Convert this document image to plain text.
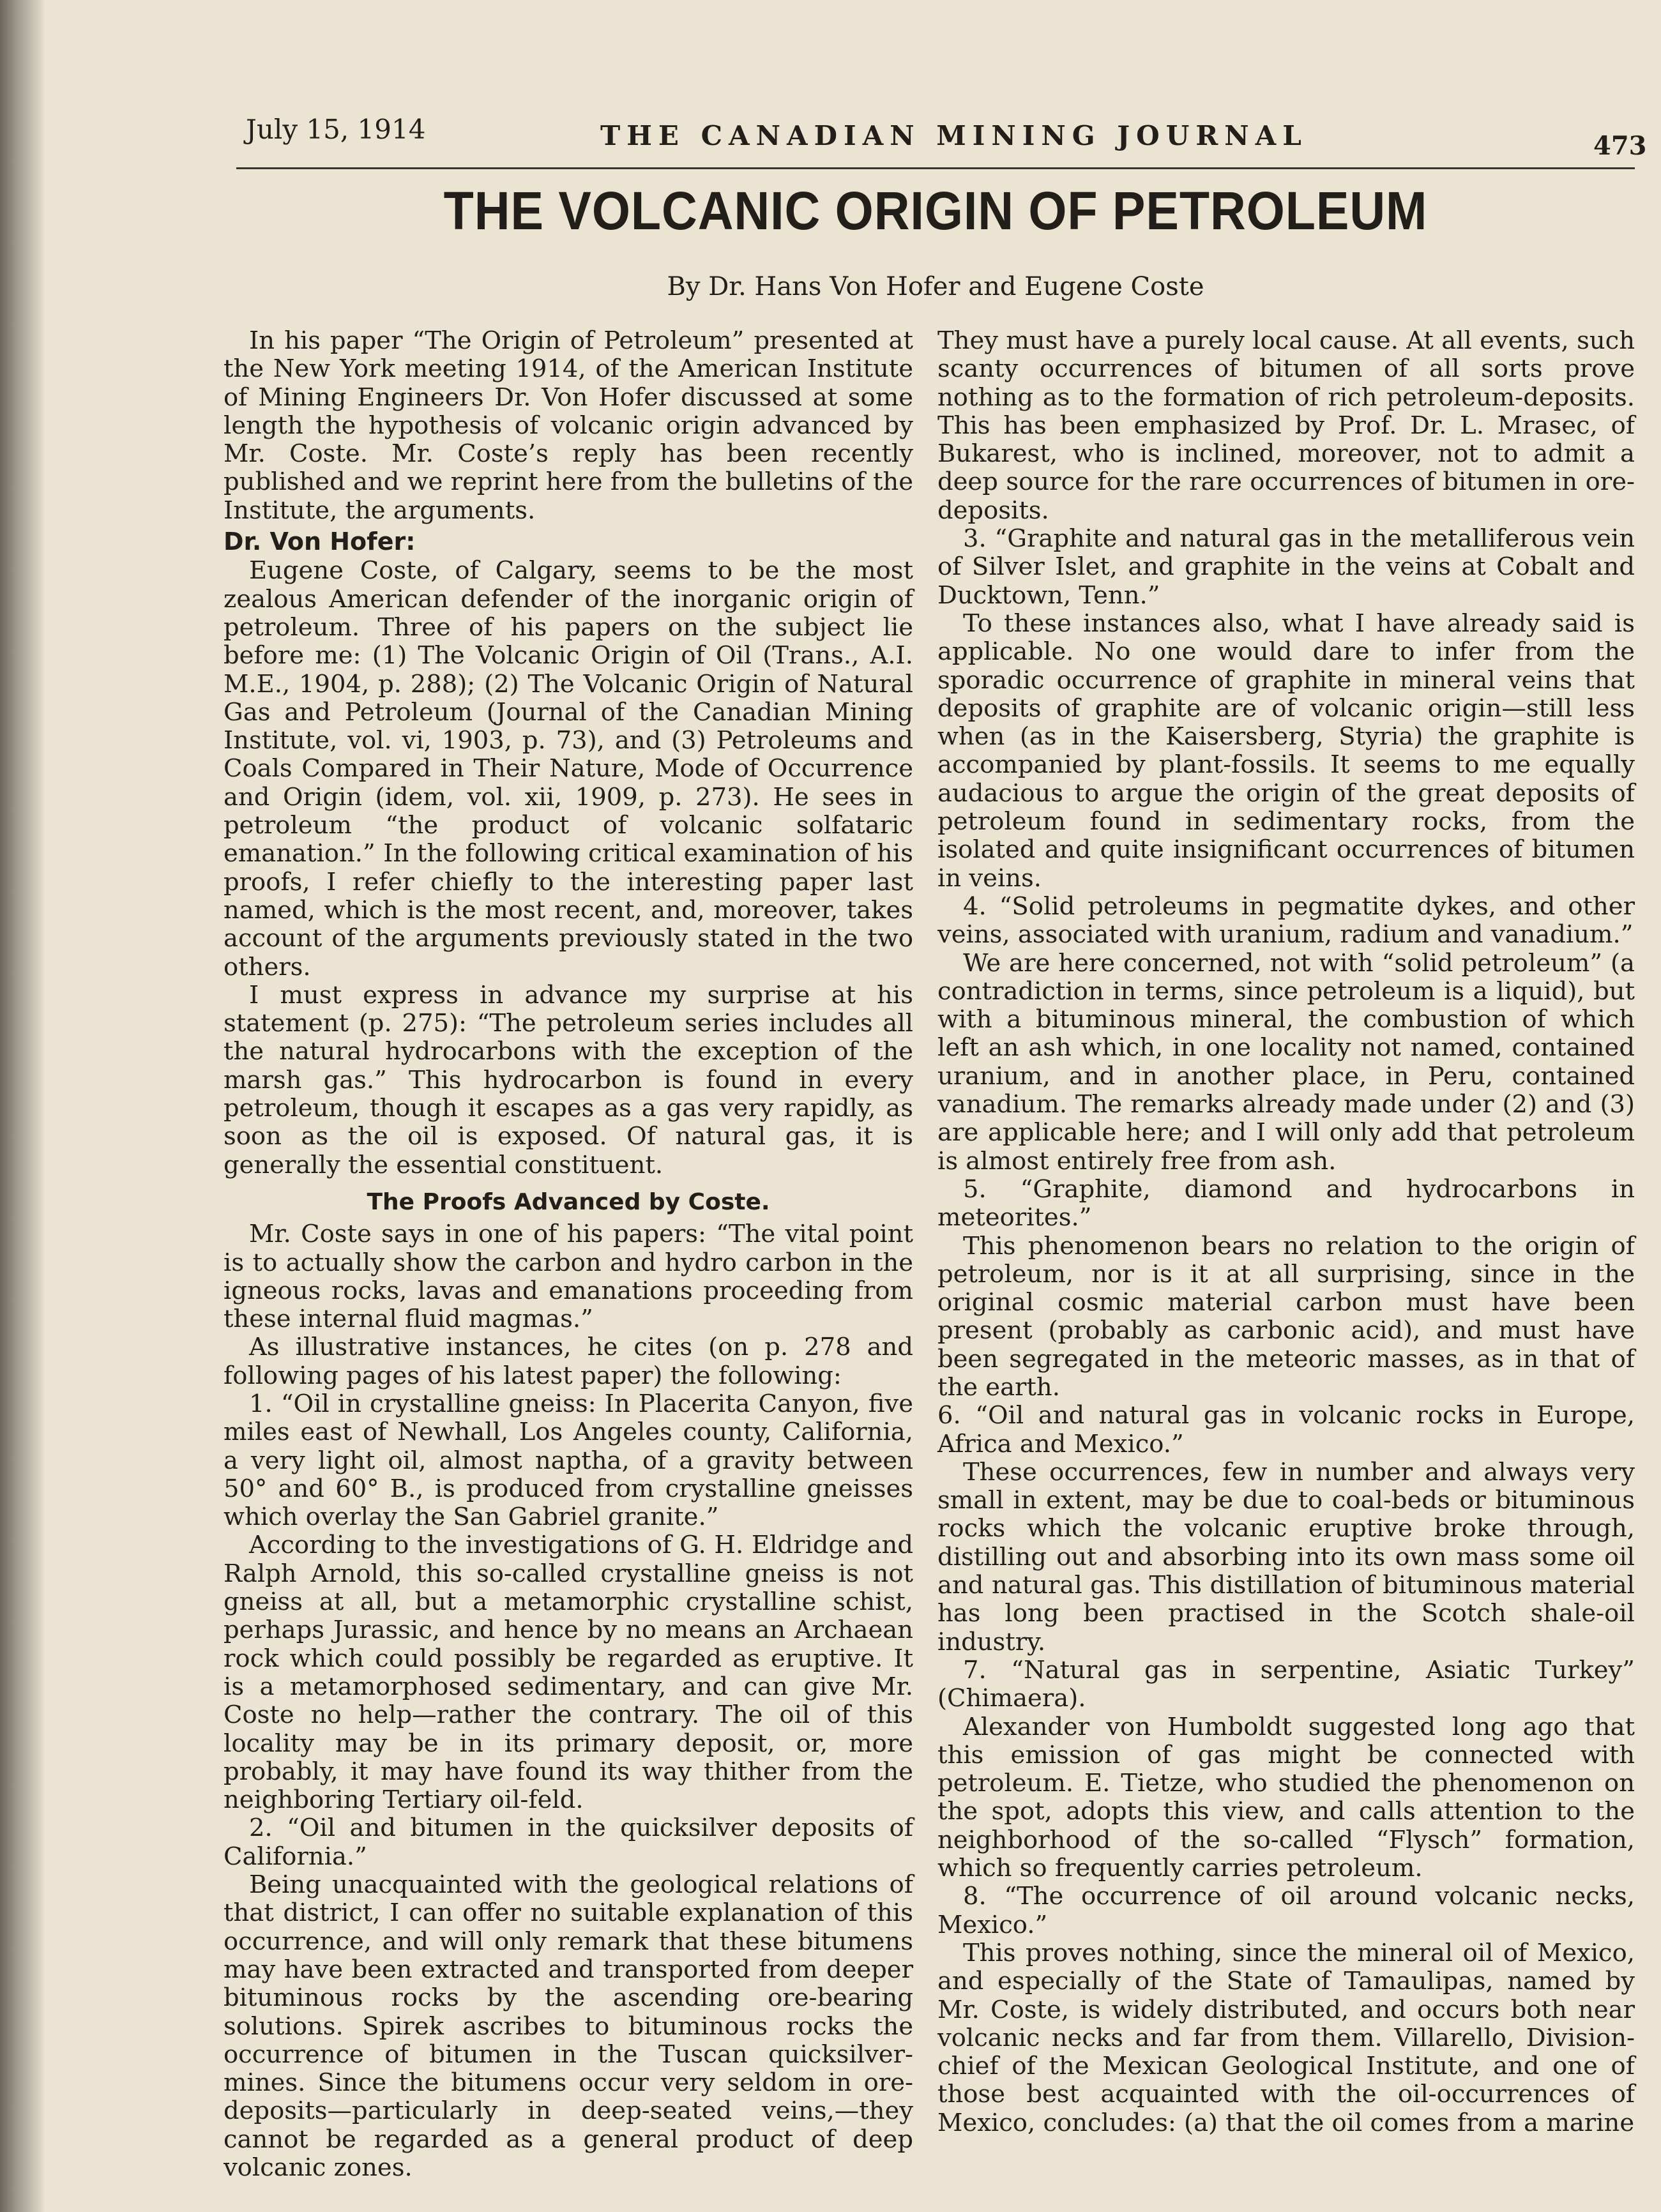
July 15, 1914	THE CANADIAN MINING JOURNAL	473
THE VOLCANIC ORIGIN OF PETROLEUM
By Dr. Hans Von Hofer and Eugene Coste

In his paper “The Origin of Petroleum” presented at the New York meeting 1914, of the American Institute of Mining Engineers Dr. Von Hofer discussed at some length the hypothesis of volcanic origin advanced by Mr. Coste. Mr. Coste’s reply has been recently published and we reprint here from the bulletins of the Institute, the arguments.

Dr. Von Hofer:

Eugene Coste, of Calgary, seems to be the most zealous American defender of the inorganic origin of petroleum. Three of his papers on the subject lie before me: (1) The Volcanic Origin of Oil (Trans., A.I. M.E., 1904, p. 288); (2) The Volcanic Origin of Natural Gas and Petroleum (Journal of the Canadian Mining Institute, vol. vi, 1903, p. 73), and (3) Petroleums and Coals Compared in Their Nature, Mode of Occurrence and Origin (idem, vol. xii, 1909, p. 273). He sees in petroleum “the product of volcanic solfataric emanation.” In the following critical examination of his proofs, I refer chiefly to the interesting paper last named, which is the most recent, and, moreover, takes account of the arguments previously stated in the two others.

I must express in advance my surprise at his statement (p. 275): “The petroleum series includes all the natural hydrocarbons with the exception of the marsh gas.” This hydrocarbon is found in every petroleum, though it escapes as a gas very rapidly, as soon as the oil is exposed. Of natural gas, it is generally the essential constituent.

The Proofs Advanced by Coste.

Mr. Coste says in one of his papers: “The vital point is to actually show the carbon and hydro carbon in the igneous rocks, lavas and emanations proceeding from these internal fluid magmas.”

As illustrative instances, he cites (on p. 278 and following pages of his latest paper) the following:

1. “Oil in crystalline gneiss: In Placerita Canyon, five miles east of Newhall, Los Angeles county, California, a very light oil, almost naptha, of a gravity between 50° and 60° B., is produced from crystalline gneisses which overlay the San Gabriel granite.”

According to the investigations of G. H. Eldridge and Ralph Arnold, this so-called crystalline gneiss is not gneiss at all, but a metamorphic crystalline schist, perhaps Jurassic, and hence by no means an Archaean rock which could possibly be regarded as eruptive. It is a metamorphosed sedimentary, and can give Mr. Coste no help—rather the contrary. The oil of this locality may be in its primary deposit, or, more probably, it may have found its way thither from the neighboring Tertiary oil-feld.

2. “Oil and bitumen in the quicksilver deposits of California.”

Being unacquainted with the geological relations of that district, I can offer no suitable explanation of this occurrence, and will only remark that these bitumens may have been extracted and transported from deeper bituminous rocks by the ascending ore-bearing solutions. Spirek ascribes to bituminous rocks the occurrence of bitumen in the Tuscan quicksilver-mines. Since the bitumens occur very seldom in ore-deposits—particularly in deep-seated veins,—they cannot be regarded as a general product of deep volcanic zones.

They must have a purely local cause. At all events, such scanty occurrences of bitumen of all sorts prove nothing as to the formation of rich petroleum-deposits. This has been emphasized by Prof. Dr. L. Mrasec, of Bukarest, who is inclined, moreover, not to admit a deep source for the rare occurrences of bitumen in ore-deposits.

3. “Graphite and natural gas in the metalliferous vein of Silver Islet, and graphite in the veins at Cobalt and Ducktown, Tenn.”

To these instances also, what I have already said is applicable. No one would dare to infer from the sporadic occurrence of graphite in mineral veins that deposits of graphite are of volcanic origin—still less when (as in the Kaisersberg, Styria) the graphite is accompanied by plant-fossils. It seems to me equally audacious to argue the origin of the great deposits of petroleum found in sedimentary rocks, from the isolated and quite insignificant occurrences of bitumen in veins.

4. “Solid petroleums in pegmatite dykes, and other veins, associated with uranium, radium and vanadium.”

We are here concerned, not with “solid petroleum” (a contradiction in terms, since petroleum is a liquid), but with a bituminous mineral, the combustion of which left an ash which, in one locality not named, contained uranium, and in another place, in Peru, contained vanadium. The remarks already made under (2) and (3) are applicable here; and I will only add that petroleum is almost entirely free from ash.

5. “Graphite, diamond and hydrocarbons in meteorites.”

This phenomenon bears no relation to the origin of petroleum, nor is it at all surprising, since in the original cosmic material carbon must have been present (probably as carbonic acid), and must have been segregated in the meteoric masses, as in that of the earth.

6. “Oil and natural gas in volcanic rocks in Europe, Africa and Mexico.”

These occurrences, few in number and always very small in extent, may be due to coal-beds or bituminous rocks which the volcanic eruptive broke through, distilling out and absorbing into its own mass some oil and natural gas. This distillation of bituminous material has long been practised in the Scotch shale-oil industry.

7. “Natural gas in serpentine, Asiatic Turkey” (Chimaera).

Alexander von Humboldt suggested long ago that this emission of gas might be connected with petroleum. E. Tietze, who studied the phenomenon on the spot, adopts this view, and calls attention to the neighborhood of the so-called “Flysch” formation, which so frequently carries petroleum.

8. “The occurrence of oil around volcanic necks, Mexico.”

This proves nothing, since the mineral oil of Mexico, and especially of the State of Tamaulipas, named by Mr. Coste, is widely distributed, and occurs both near volcanic necks and far from them. Villarello, Division-chief of the Mexican Geological Institute, and one of those best acquainted with the oil-occurrences of Mexico, concludes: (a) that the oil comes from a marine
